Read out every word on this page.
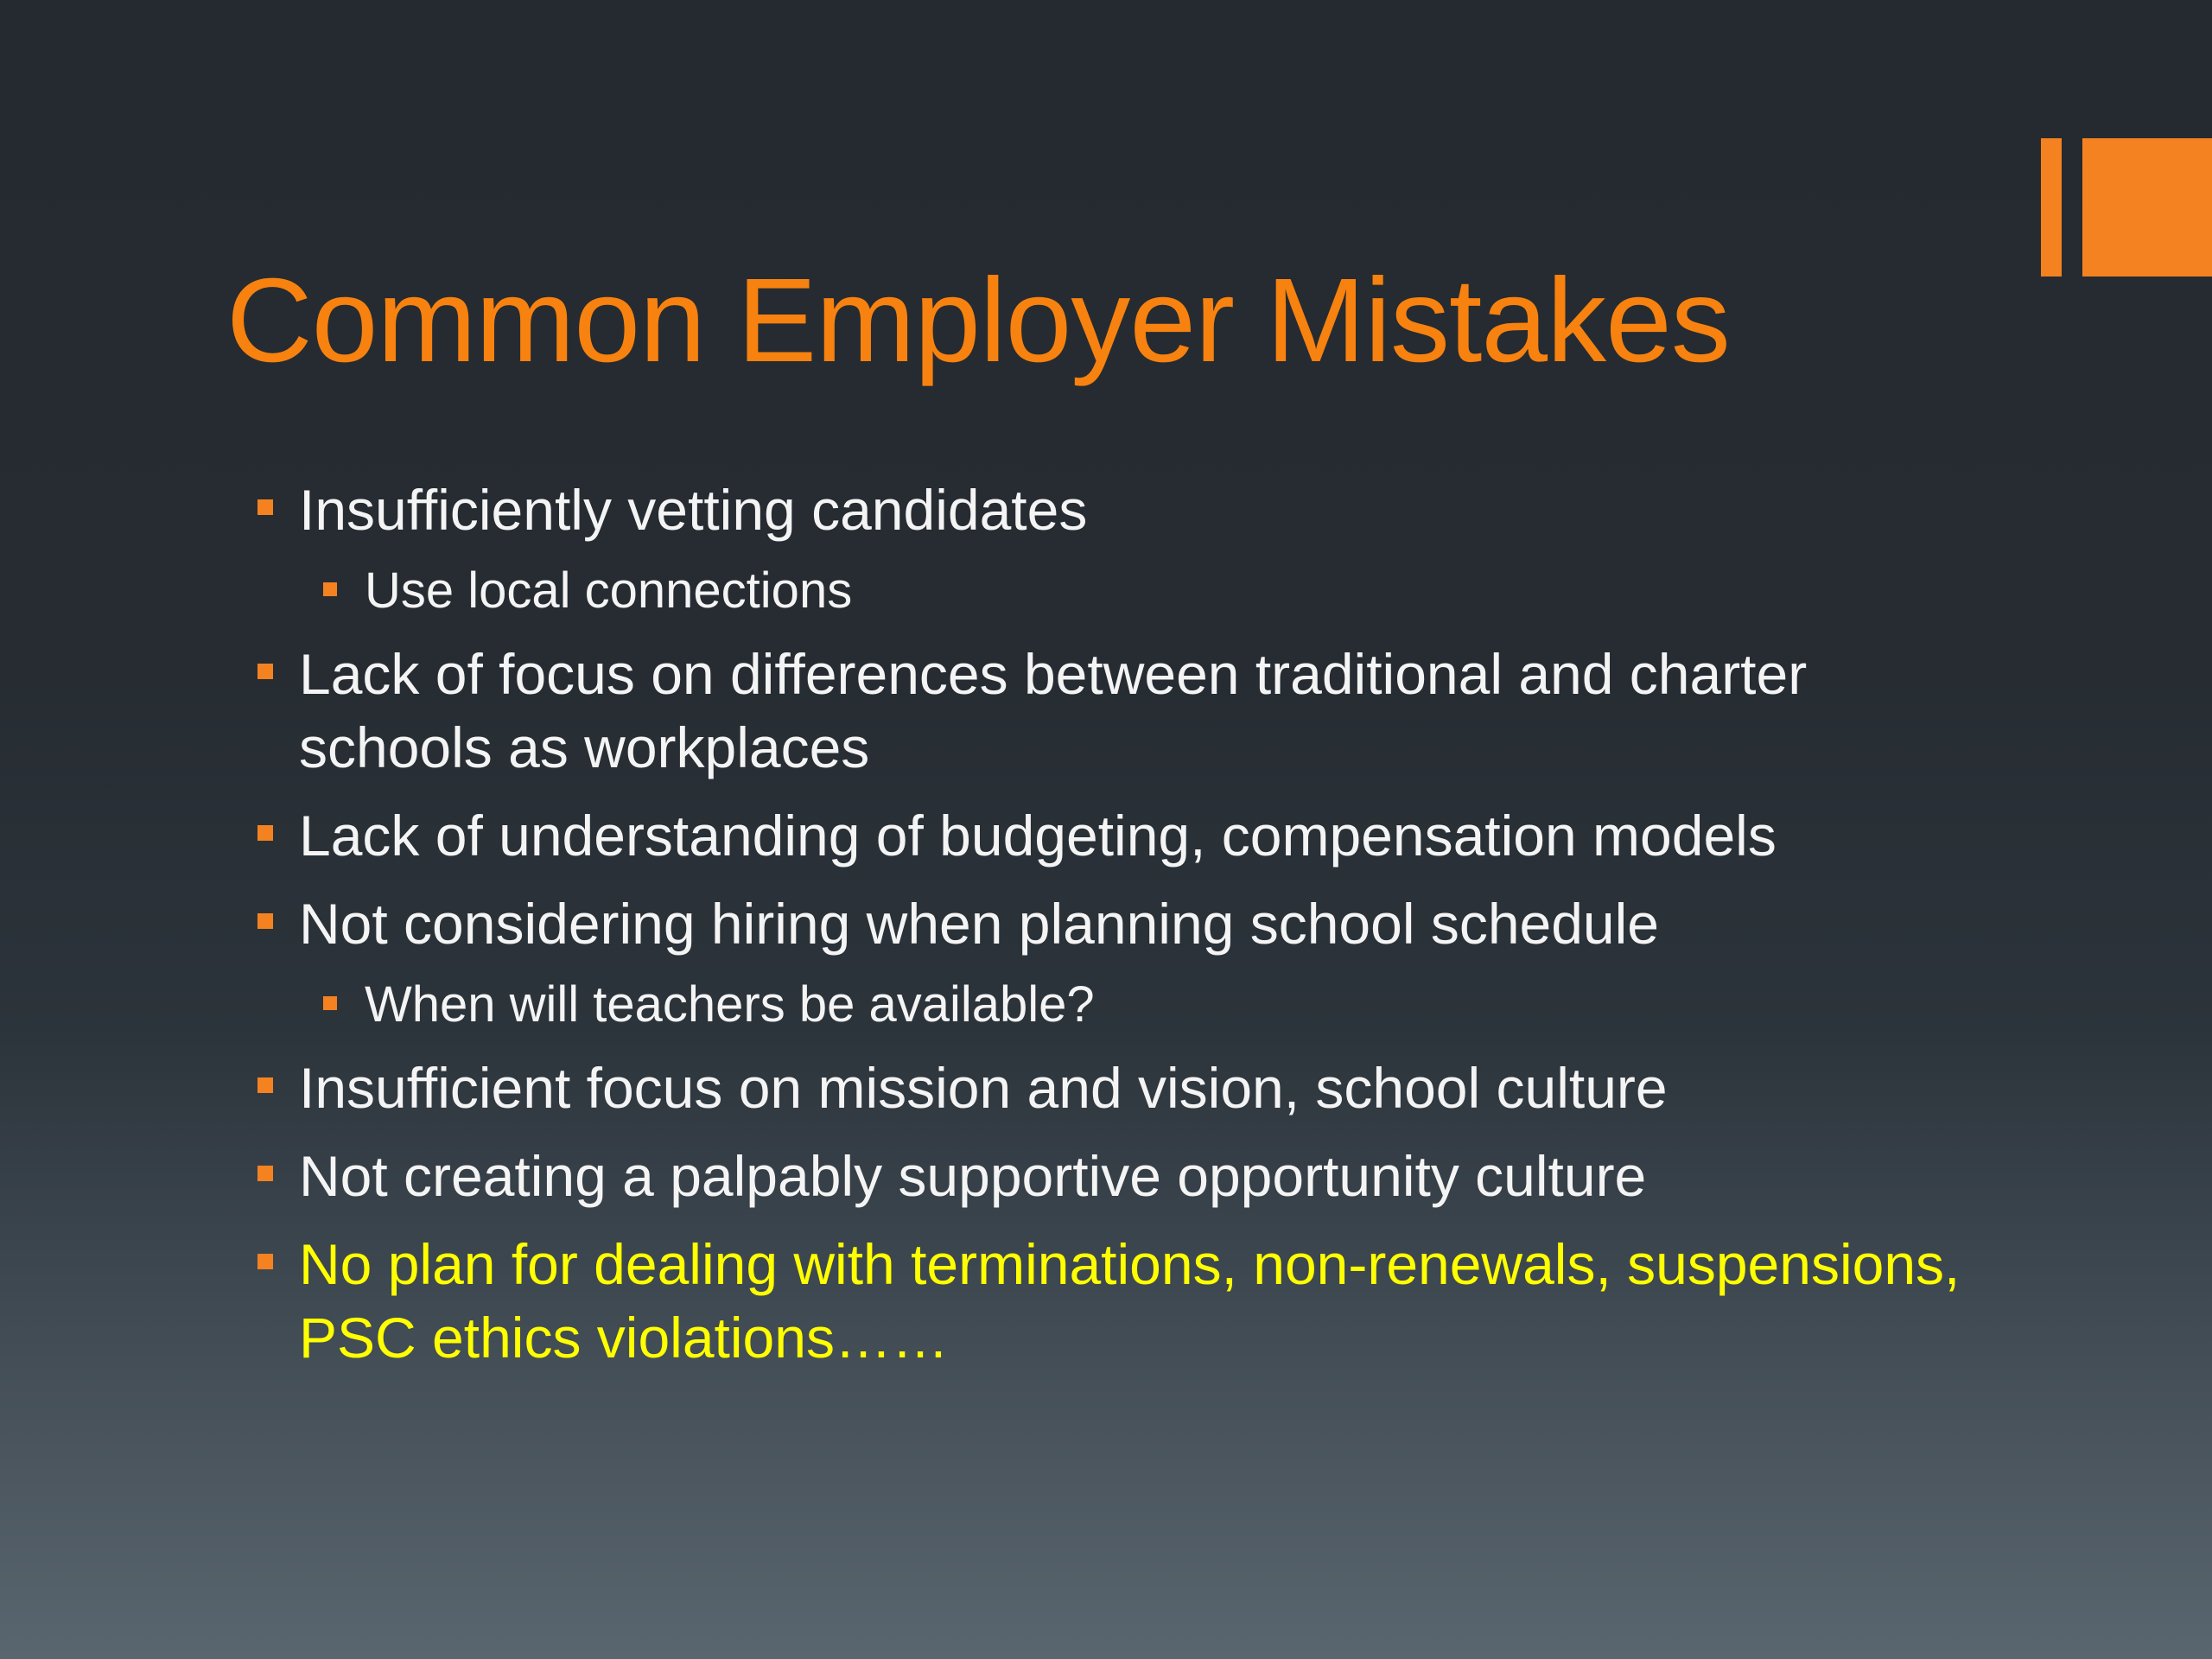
Common Employer Mistakes
Insufficiently vetting candidates
Use local connections
Lack of focus on differences between traditional and charter schools as workplaces
Lack of understanding of budgeting, compensation models
Not considering hiring when planning school schedule
When will teachers be available?
Insufficient focus on mission and vision, school culture
Not creating a palpably supportive opportunity culture
No plan for dealing with terminations, non-renewals, suspensions, PSC ethics violations……
